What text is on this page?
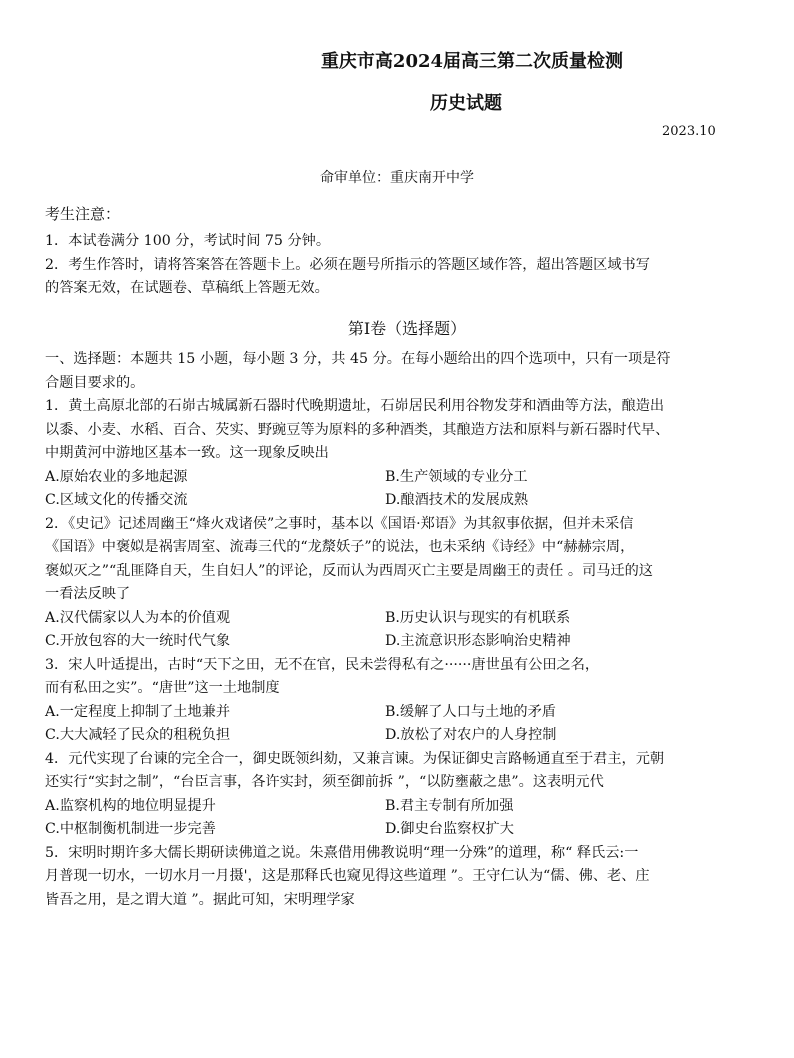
重庆市高2024届高三第二次质量检测
历史试题
2023.10
命审单位：重庆南开中学
考生注意：
1．本试卷满分 100 分，考试时间 75 分钟。
2．考生作答时，请将答案答在答题卡上。必须在题号所指示的答题区域作答，超出答题区域书写
的答案无效，在试题卷、草稿纸上答题无效。
第Ⅰ卷（选择题）
一、选择题：本题共 15 小题，每小题 3 分，共 45 分。在每小题给出的四个选项中，只有一项是符
合题目要求的。
1．黄土高原北部的石峁古城属新石器时代晚期遗址，石峁居民利用谷物发芽和酒曲等方法，酿造出
以黍、小麦、水稻、百合、芡实、野豌豆等为原料的多种酒类，其酿造方法和原料与新石器时代早、
中期黄河中游地区基本一致。这一现象反映出
A.原始农业的多地起源	B.生产领域的专业分工
C.区域文化的传播交流	D.酿酒技术的发展成熟
2．《史记》记述周幽王“烽火戏诸侯”之事时，基本以《国语·郑语》为其叙事依据，但并未采信
《国语》中褒姒是祸害周室、流毒三代的“龙漦妖子”的说法，也未采纳《诗经》中“赫赫宗周，
褒姒灭之”“乱匪降自天，生自妇人”的评论，反而认为西周灭亡主要是周幽王的责任 。司马迁的这
一看法反映了
A.汉代儒家以人为本的价值观	B.历史认识与现实的有机联系
C.开放包容的大一统时代气象	D.主流意识形态影响治史精神
3．宋人叶适提出，古时“天下之田，无不在官，民未尝得私有之······唐世虽有公田之名，
而有私田之实”。“唐世”这一土地制度
A.一定程度上抑制了土地兼并	B.缓解了人口与土地的矛盾
C.大大减轻了民众的租税负担	D.放松了对农户的人身控制
4．元代实现了台谏的完全合一，御史既领纠劾，又兼言谏。为保证御史言路畅通直至于君主，元朝
还实行“实封之制”，“台臣言事，各许实封，须至御前拆 ”，“以防壅蔽之患”。这表明元代
A.监察机构的地位明显提升	B.君主专制有所加强
C.中枢制衡机制进一步完善	D.御史台监察权扩大
5．宋明时期许多大儒长期研读佛道之说。朱熹借用佛教说明“理一分殊”的道理，称“ 释氏云:一
月普现一切水，一切水月一月摄'，这是那释氏也窥见得这些道理 ”。王守仁认为“儒、佛、老、庄
皆吾之用，是之谓大道 ”。据此可知，宋明理学家
